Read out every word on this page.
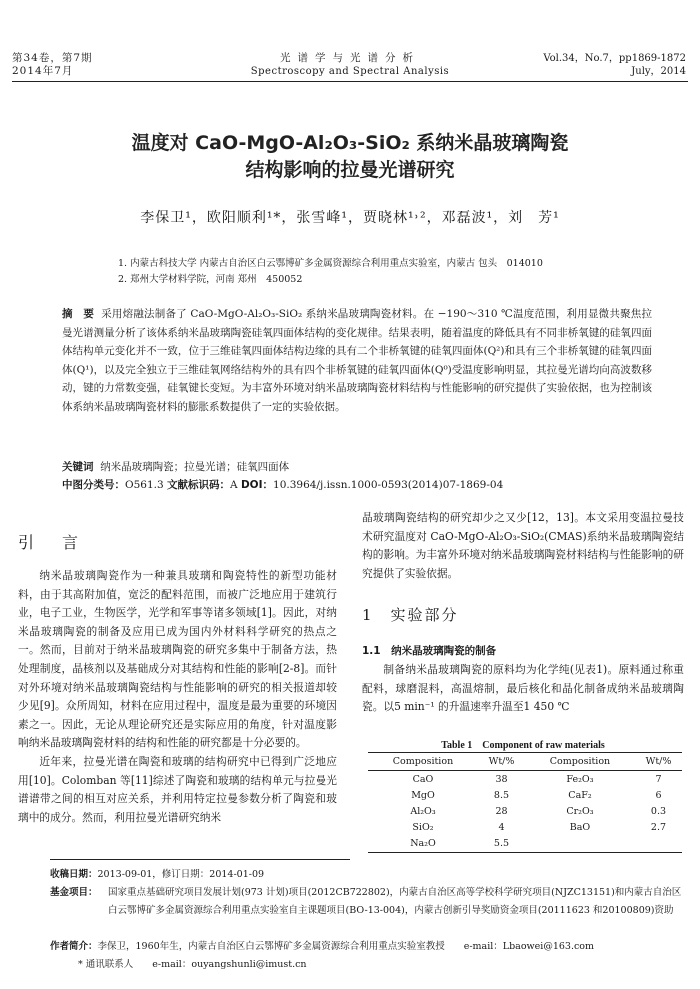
第34卷，第7期
2014年7月
光谱学与光谱分析
Spectroscopy and Spectral Analysis
Vol.34，No.7，pp1869-1872
July，2014
温度对 CaO-MgO-Al₂O₃-SiO₂ 系纳米晶玻璃陶瓷
结构影响的拉曼光谱研究
李保卫¹，欧阳顺利¹*，张雪峰¹，贾晓林¹˒²，邓磊波¹，刘　芳¹
1. 内蒙古科技大学 内蒙古自治区白云鄂博矿多金属资源综合利用重点实验室，内蒙古 包头　014010
2. 郑州大学材料学院，河南 郑州　450052
摘　要 采用熔融法制备了 CaO-MgO-Al₂O₃-SiO₂ 系纳米晶玻璃陶瓷材料。在 −190～310 ℃温度范围，利用显微共聚焦拉曼光谱测量分析了该体系纳米晶玻璃陶瓷硅氧四面体结构的变化规律。结果表明，随着温度的降低具有不同非桥氧键的硅氧四面体结构单元变化并不一致，位于三维硅氧四面体结构边缘的具有二个非桥氧键的硅氧四面体(Q²)和具有三个非桥氧键的硅氧四面体(Q¹)，以及完全独立于三维硅氧网络结构外的具有四个非桥氧键的硅氧四面体(Q⁰)受温度影响明显，其拉曼光谱均向高波数移动，键的力常数变强，硅氧键长变短。为丰富外环境对纳米晶玻璃陶瓷材料结构与性能影响的研究提供了实验依据，也为控制该体系纳米晶玻璃陶瓷材料的膨胀系数提供了一定的实验依据。
关键词 纳米晶玻璃陶瓷；拉曼光谱；硅氧四面体
中图分类号：O561.3 文献标识码：A DOI：10.3964/j.issn.1000-0593(2014)07-1869-04
引　言

纳米晶玻璃陶瓷作为一种兼具玻璃和陶瓷特性的新型功能材料，由于其高附加值，宽泛的配料范围，而被广泛地应用于建筑行业，电子工业，生物医学，光学和军事等诸多领域[1]。因此，对纳米晶玻璃陶瓷的制备及应用已成为国内外材料科学研究的热点之一。然而，目前对于纳米晶玻璃陶瓷的研究多集中于制备方法，热处理制度，晶核剂以及基础成分对其结构和性能的影响[2-8]。而针对外环境对纳米晶玻璃陶瓷结构与性能影响的研究的相关报道却较少见[9]。众所周知，材料在应用过程中，温度是最为重要的环境因素之一。因此，无论从理论研究还是实际应用的角度，针对温度影响纳米晶玻璃陶瓷材料的结构和性能的研究都是十分必要的。

近年来，拉曼光谱在陶瓷和玻璃的结构研究中已得到广泛地应用[10]。Colomban 等[11]综述了陶瓷和玻璃的结构单元与拉曼光谱谱带之间的相互对应关系，并利用特定拉曼参数分析了陶瓷和玻璃中的成分。然而，利用拉曼光谱研究纳米

晶玻璃陶瓷结构的研究却少之又少[12，13]。本文采用变温拉曼技术研究温度对 CaO-MgO-Al₂O₃-SiO₂(CMAS)系纳米晶玻璃陶瓷结构的影响。为丰富外环境对纳米晶玻璃陶瓷材料结构与性能影响的研究提供了实验依据。

1　实验部分
1.1　纳米晶玻璃陶瓷的制备

制备纳米晶玻璃陶瓷的原料均为化学纯(见表1)。原料通过称重配料，球磨混料，高温熔制，最后核化和晶化制备成纳米晶玻璃陶瓷。以5 min⁻¹ 的升温速率升温至1 450 ℃

Table 1　Component of raw materials
Composition	Wt/%	Composition	Wt/%
CaO	38	Fe₂O₃	7
MgO	8.5	CaF₂	6
Al₂O₃	28	Cr₂O₃	0.3
SiO₂	4	BaO	2.7
Na₂O	5.5		
收稿日期：2013-09-01，修订日期：2014-01-09
基金项目： 国家重点基础研究项目发展计划(973 计划)项目(2012CB722802)，内蒙古自治区高等学校科学研究项目(NJZC13151)和内蒙古自治区白云鄂博矿多金属资源综合利用重点实验室自主课题项目(BO-13-004)，内蒙古创新引导奖励资金项目(20111623 和20100809)资助
作者简介：李保卫，1960年生，内蒙古自治区白云鄂博矿多金属资源综合利用重点实验室教授　　e-mail：Lbaowei@163.com
* 通讯联系人　　e-mail：ouyangshunli@imust.cn
